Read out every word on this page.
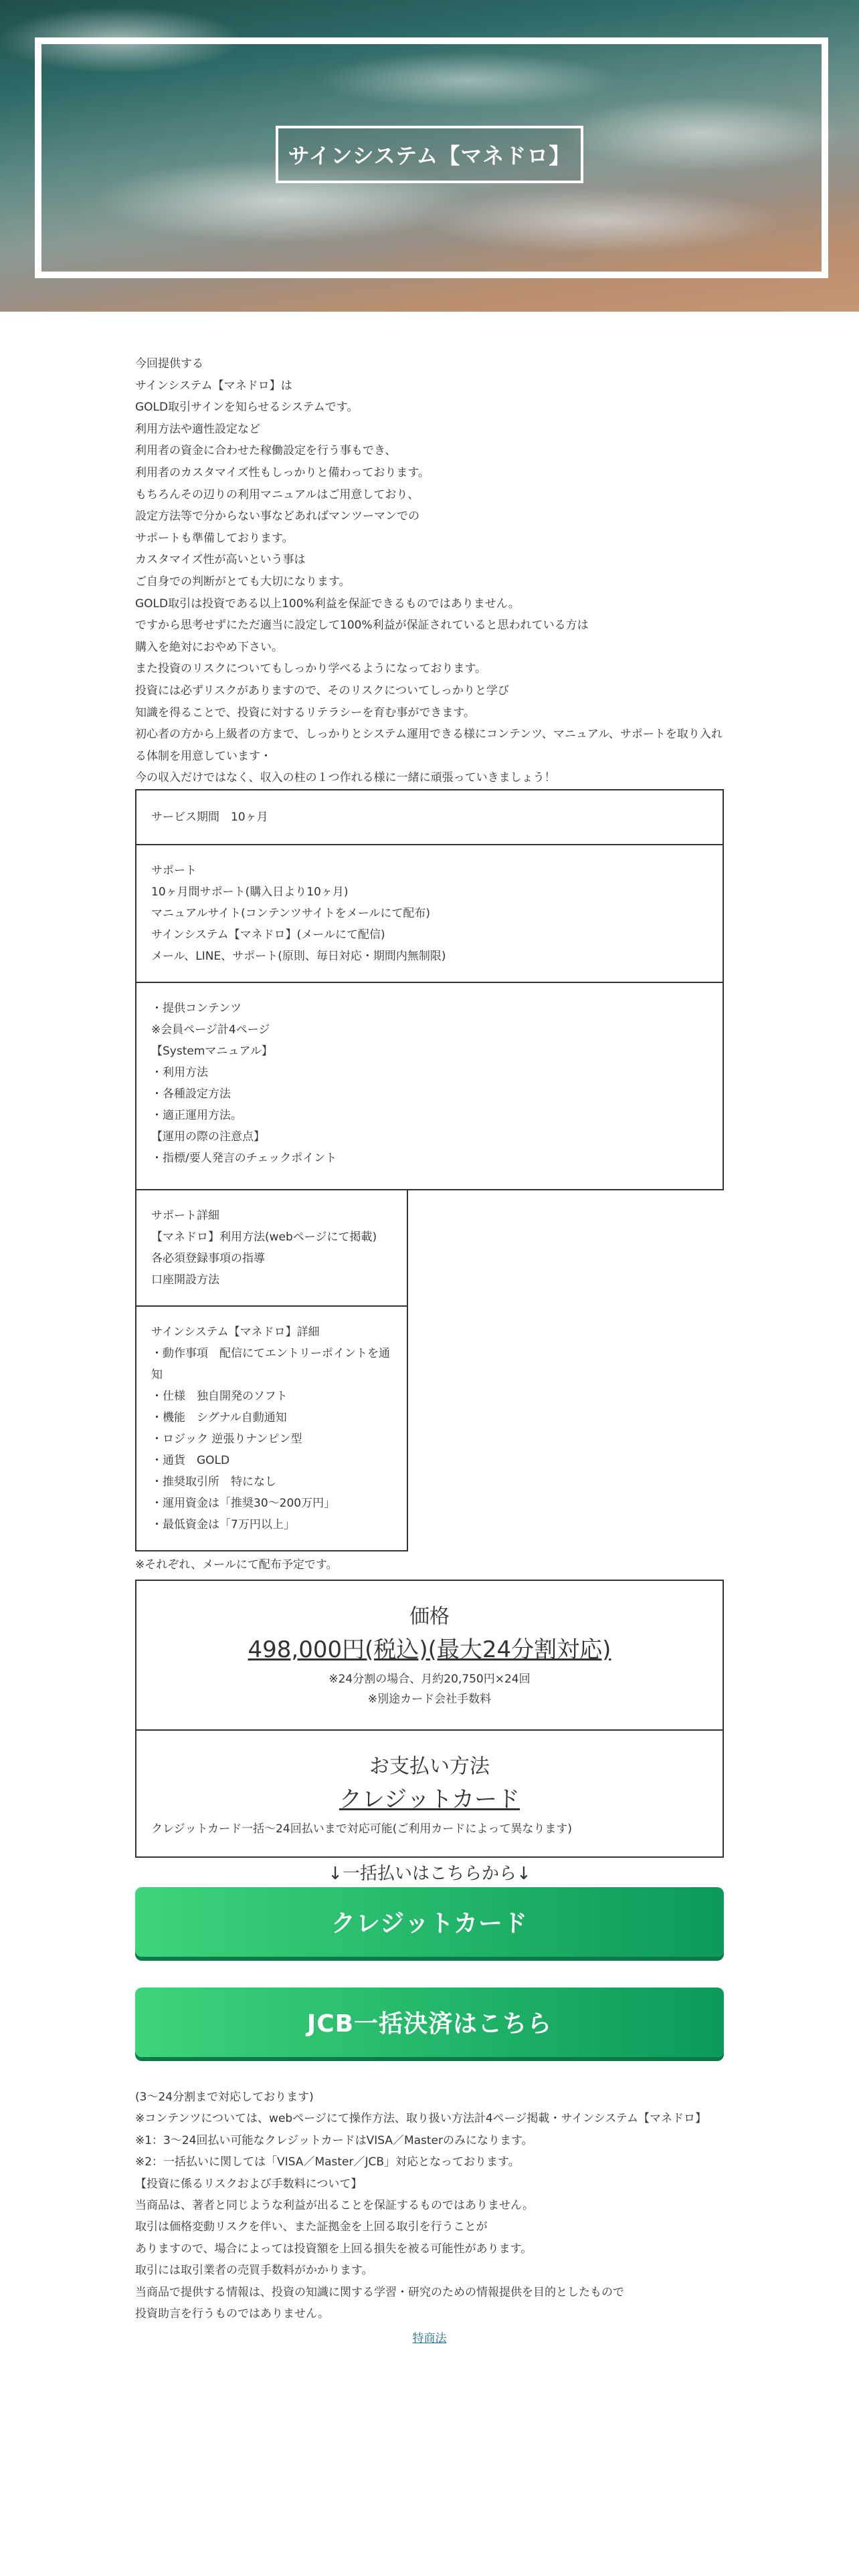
サインシステム【マネドロ】

今回提供する

サインシステム【マネドロ】は

GOLD取引サインを知らせるシステムです。

利用方法や適性設定など

利用者の資金に合わせた稼働設定を行う事もでき、

利用者のカスタマイズ性もしっかりと備わっております。

もちろんその辺りの利用マニュアルはご用意しており、

設定方法等で分からない事などあればマンツーマンでの

サポートも準備しております。

カスタマイズ性が高いという事は

ご自身での判断がとても大切になります。

GOLD取引は投資である以上100%利益を保証できるものではありません。

ですから思考せずにただ適当に設定して100%利益が保証されていると思われている方は

購入を絶対におやめ下さい。

また投資のリスクについてもしっかり学べるようになっております。

投資には必ずリスクがありますので、そのリスクについてしっかりと学び

知識を得ることで、投資に対するリテラシーを育む事ができます。

初心者の方から上級者の方まで、しっかりとシステム運用できる様にコンテンツ、マニュアル、サポートを取り入れる体制を用意しています・

今の収入だけではなく、収入の柱の１つ作れる様に一緒に頑張っていきましょう！

サービス期間　10ヶ月

サポート

10ヶ月間サポート(購入日より10ヶ月)

マニュアルサイト(コンテンツサイトをメールにて配布)

サインシステム【マネドロ】(メールにて配信)

メール、LINE、サポート(原則、毎日対応・期間内無制限)

・提供コンテンツ

※会員ページ計4ページ

【Systemマニュアル】

・利用方法

・各種設定方法

・適正運用方法。

【運用の際の注意点】

・指標/要人発言のチェックポイント

サポート詳細

【マネドロ】利用方法(webページにて掲載)

各必須登録事項の指導

口座開設方法

サインシステム【マネドロ】詳細

・動作事項　配信にてエントリーポイントを通知

・仕様　独自開発のソフト

・機能　シグナル自動通知

・ロジック 逆張りナンピン型

・通貨　GOLD

・推奨取引所　特になし

・運用資金は「推奨30～200万円」

・最低資金は「7万円以上」

※それぞれ、メールにて配布予定です。

価格
498,000円(税込)(最大24分割対応)
※24分割の場合、月約20,750円×24回
※別途カード会社手数料
お支払い方法
クレジットカード
クレジットカード一括〜24回払いまで対応可能(ご利用カードによって異なります)
↓一括払いはこちらから↓
クレジットカード
JCB一括決済はこちら

(3〜24分割まで対応しております)

※コンテンツについては、webページにて操作方法、取り扱い方法計4ページ掲載・サインシステム【マネドロ】

※1：3〜24回払い可能なクレジットカードはVISA／Masterのみになります。

※2：一括払いに関しては「VISA／Master／JCB」対応となっております。

【投資に係るリスクおよび手数料について】

当商品は、著者と同じような利益が出ることを保証するものではありません。

取引は価格変動リスクを伴い、また証拠金を上回る取引を行うことが

ありますので、場合によっては投資額を上回る損失を被る可能性があります。

取引には取引業者の売買手数料がかかります。

当商品で提供する情報は、投資の知識に関する学習・研究のための情報提供を目的としたもので

投資助言を行うものではありません。

特商法
